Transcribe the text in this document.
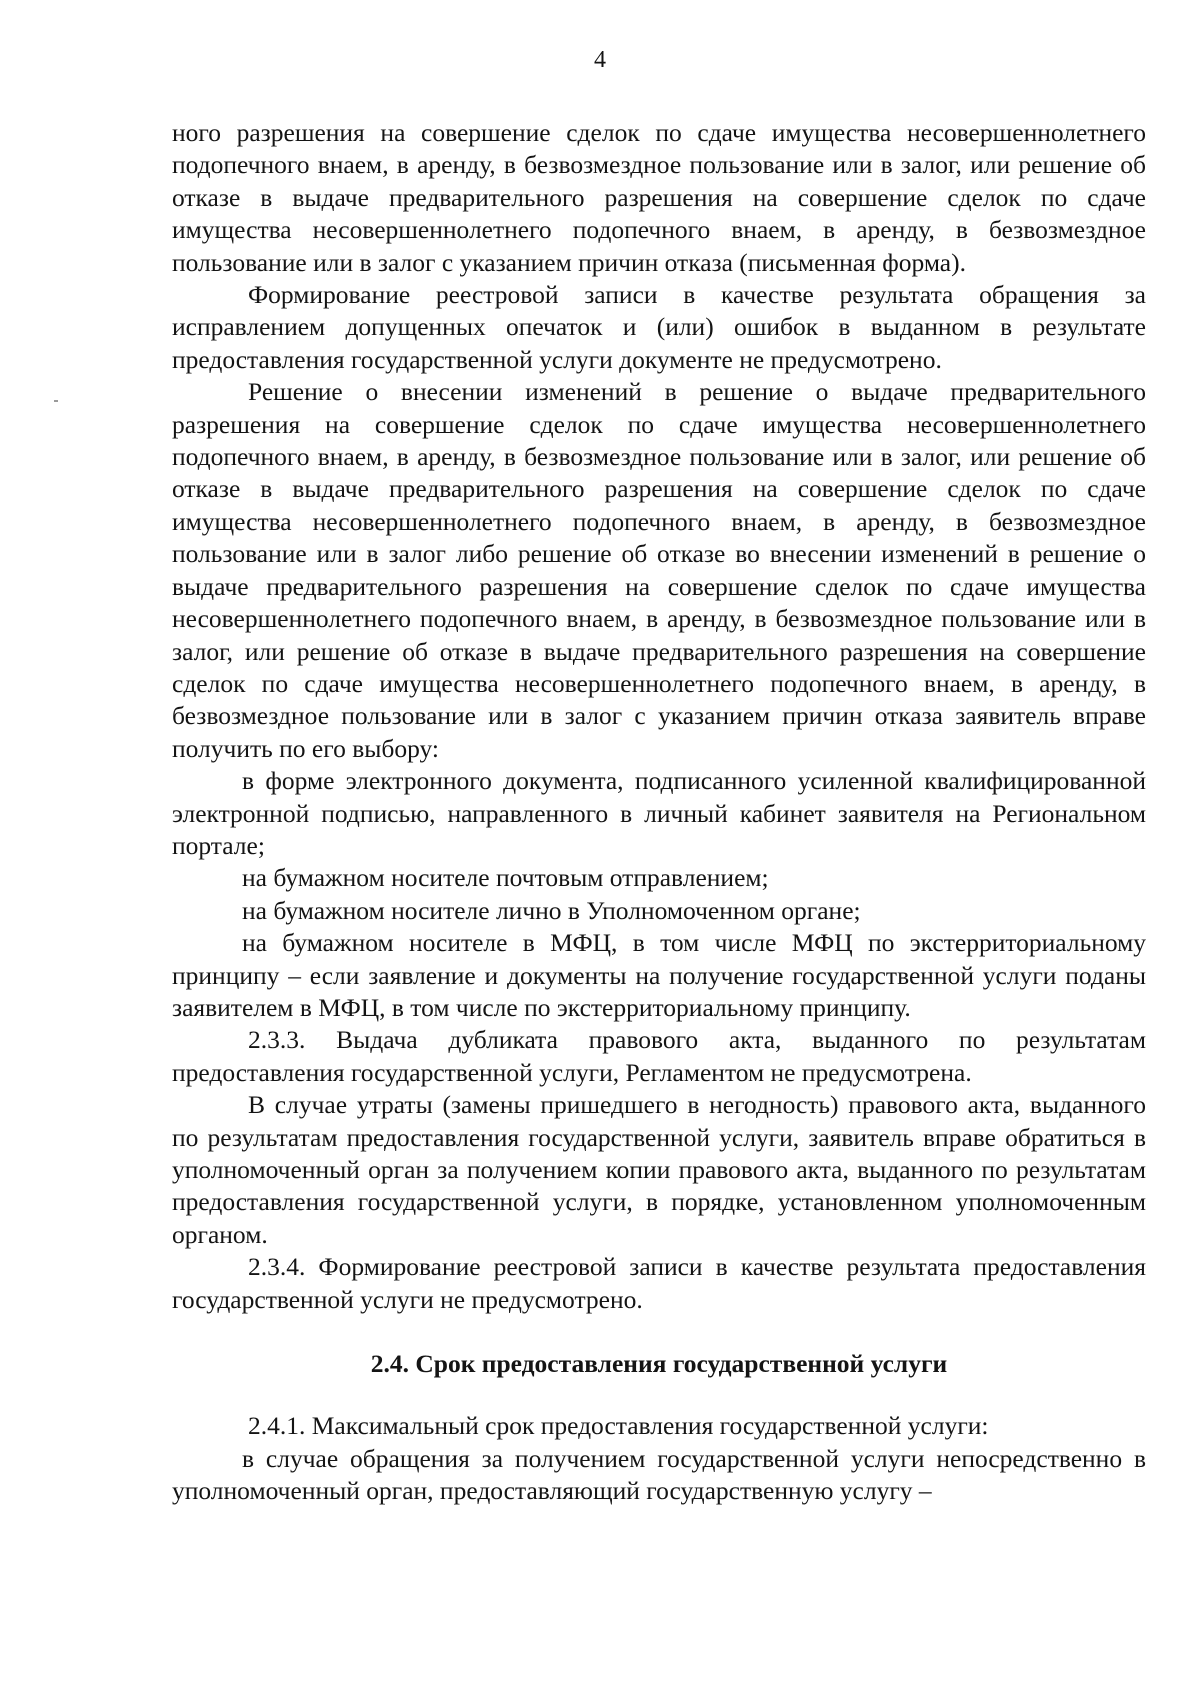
4

ного разрешения на совершение сделок по сдаче имущества несовершеннолетнего подопечного внаем, в аренду, в безвозмездное пользование или в залог, или решение об отказе в выдаче предварительного разрешения на совершение сделок по сдаче имущества несовершеннолетнего подопечного внаем, в аренду, в безвозмездное пользование или в залог с указанием причин отказа (письменная форма).

Формирование реестровой записи в качестве результата обращения за исправлением допущенных опечаток и (или) ошибок в выданном в результате предоставления государственной услуги документе не предусмотрено.

Решение о внесении изменений в решение о выдаче предварительного разрешения на совершение сделок по сдаче имущества несовершеннолетнего подопечного внаем, в аренду, в безвозмездное пользование или в залог, или решение об отказе в выдаче предварительного разрешения на совершение сделок по сдаче имущества несовершеннолетнего подопечного внаем, в аренду, в безвозмездное пользование или в залог либо решение об отказе во внесении изменений в решение о выдаче предварительного разрешения на совершение сделок по сдаче имущества несовершеннолетнего подопечного внаем, в аренду, в безвозмездное пользование или в залог, или решение об отказе в выдаче предварительного разрешения на совершение сделок по сдаче имущества несовершеннолетнего подопечного внаем, в аренду, в безвозмездное пользование или в залог с указанием причин отказа заявитель вправе получить по его выбору:

в форме электронного документа, подписанного усиленной квалифицированной электронной подписью, направленного в личный кабинет заявителя на Региональном портале;

на бумажном носителе почтовым отправлением;

на бумажном носителе лично в Уполномоченном органе;

на бумажном носителе в МФЦ, в том числе МФЦ по экстерриториальному принципу – если заявление и документы на получение государственной услуги поданы заявителем в МФЦ, в том числе по экстерриториальному принципу.

2.3.3. Выдача дубликата правового акта, выданного по результатам предоставления государственной услуги, Регламентом не предусмотрена.

В случае утраты (замены пришедшего в негодность) правового акта, выданного по результатам предоставления государственной услуги, заявитель вправе обратиться в уполномоченный орган за получением копии правового акта, выданного по результатам предоставления государственной услуги, в порядке, установленном уполномоченным органом.

2.3.4. Формирование реестровой записи в качестве результата предоставления государственной услуги не предусмотрено.

2.4. Срок предоставления государственной услуги

2.4.1. Максимальный срок предоставления государственной услуги:

в случае обращения за получением государственной услуги непосредственно в уполномоченный орган, предоставляющий государственную услугу –
